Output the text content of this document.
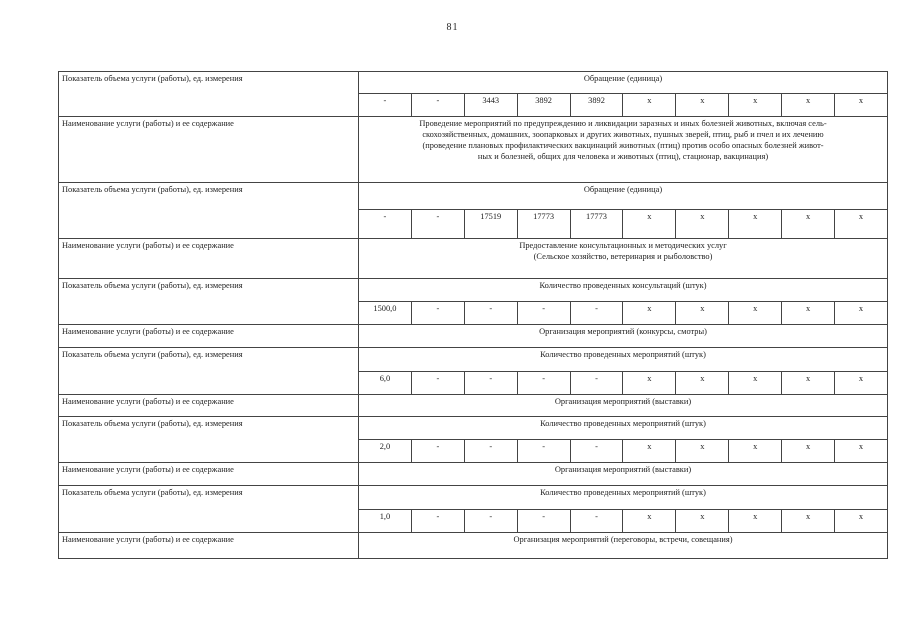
81
Показатель объема услуги (работы), ед. измерения	Обращение (единица)									
	-	-	3443	3892	3892	х	х	х	х	х
Наименование услуги (работы) и ее содержание	Проведение мероприятий по предупреждению и ликвидации заразных и иных болезней животных, включая сель-
скохозяйственных, домашних, зоопарковых и других животных, пушных зверей, птиц, рыб и пчел и их лечению
(проведение плановых профилактических вакцинаций животных (птиц) против особо опасных болезней живот-
ных и болезней, общих для человека и животных (птиц), стационар, вакцинация)									

Показатель объема услуги (работы), ед. измерения	Обращение (единица)									
	-	-	17519	17773	17773	х	х	х	х	х
Наименование услуги (работы) и ее содержание	Предоставление консультационных и методических услуг
(Сельское хозяйство, ветеринария и рыболовство)									

Показатель объема услуги (работы), ед. измерения	Количество проведенных консультаций (штук)									
	1500,0	-	-	-	-	х	х	х	х	х
Наименование услуги (работы) и ее содержание	Организация мероприятий (конкурсы, смотры)									

Показатель объема услуги (работы), ед. измерения	Количество проведенных мероприятий (штук)									
	6,0	-	-	-	-	х	х	х	х	х
Наименование услуги (работы) и ее содержание	Организация мероприятий (выставки)									

Показатель объема услуги (работы), ед. измерения	Количество проведенных мероприятий (штук)									
	2,0	-	-	-	-	х	х	х	х	х
Наименование услуги (работы) и ее содержание	Организация мероприятий (выставки)									

Показатель объема услуги (работы), ед. измерения	Количество проведенных мероприятий (штук)									
	1,0	-	-	-	-	х	х	х	х	х
Наименование услуги (работы) и ее содержание	Организация мероприятий (переговоры, встречи, совещания)									
